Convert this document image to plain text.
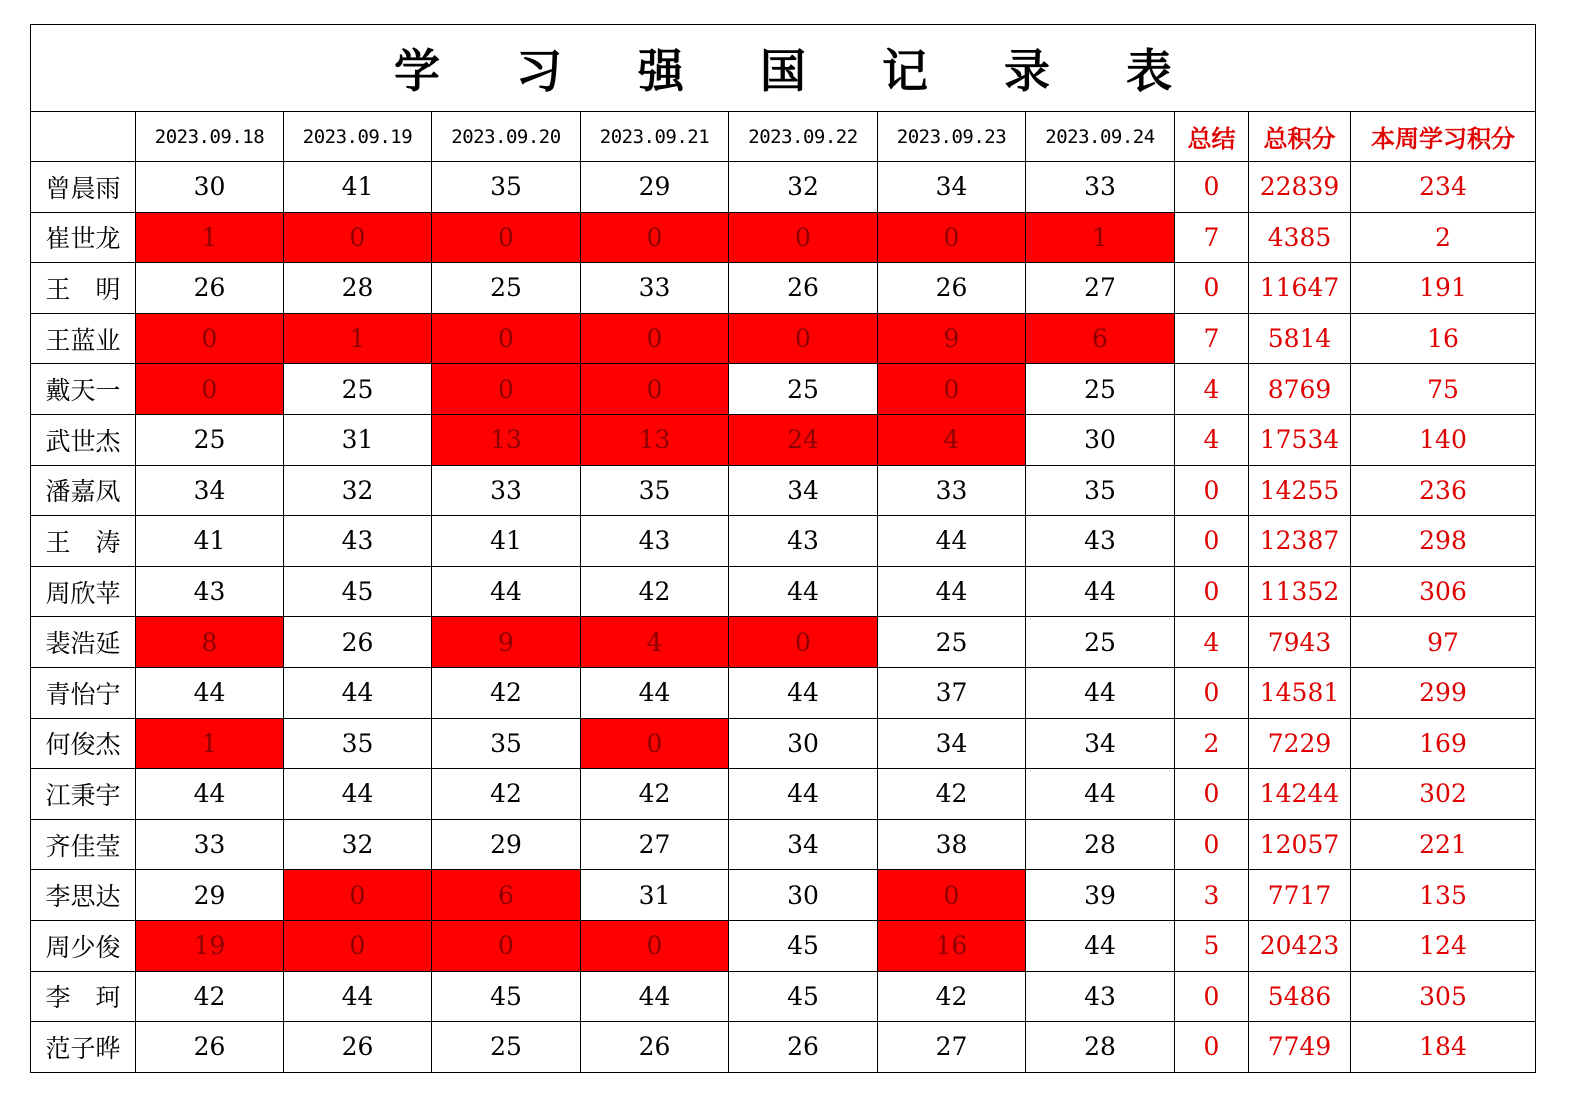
学 习 强 国 记 录 表										
	2023.09.18	2023.09.19	2023.09.20	2023.09.21	2023.09.22	2023.09.23	2023.09.24	总结	总积分	本周学习积分
曾晨雨	30	41	35	29	32	34	33	0	22839	234
崔世龙	1	0	0	0	0	0	1	7	4385	2
王　明	26	28	25	33	26	26	27	0	11647	191
王蓝业	0	1	0	0	0	9	6	7	5814	16
戴天一	0	25	0	0	25	0	25	4	8769	75
武世杰	25	31	13	13	24	4	30	4	17534	140
潘嘉凤	34	32	33	35	34	33	35	0	14255	236
王　涛	41	43	41	43	43	44	43	0	12387	298
周欣苹	43	45	44	42	44	44	44	0	11352	306
裴浩延	8	26	9	4	0	25	25	4	7943	97
青怡宁	44	44	42	44	44	37	44	0	14581	299
何俊杰	1	35	35	0	30	34	34	2	7229	169
江秉宇	44	44	42	42	44	42	44	0	14244	302
齐佳莹	33	32	29	27	34	38	28	0	12057	221
李思达	29	0	6	31	30	0	39	3	7717	135
周少俊	19	0	0	0	45	16	44	5	20423	124
李　珂	42	44	45	44	45	42	43	0	5486	305
范子晔	26	26	25	26	26	27	28	0	7749	184
